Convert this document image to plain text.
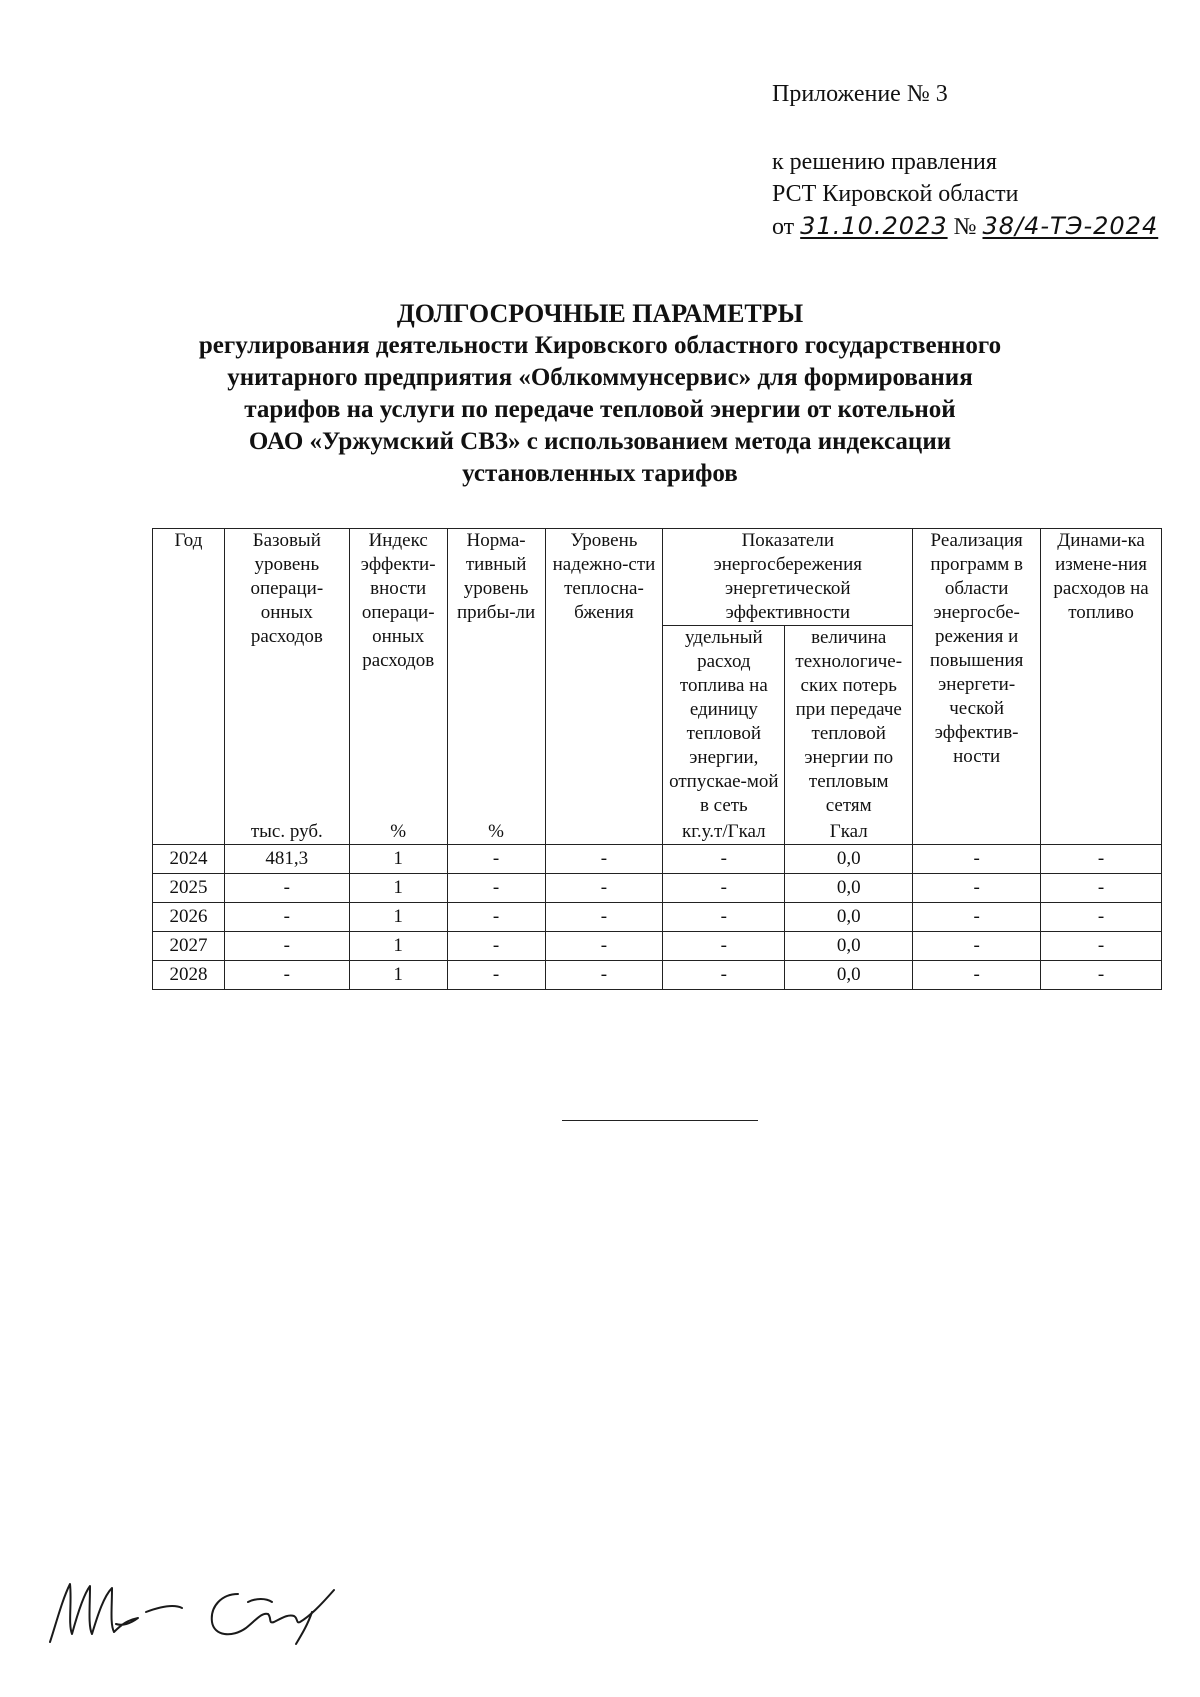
Приложение № 3
к решению правления
РСТ Кировской области
от 31.10.2023 № 38/4-ТЭ-2024
ДОЛГОСРОЧНЫЕ ПАРАМЕТРЫ
регулирования деятельности Кировского областного государственного
унитарного предприятия «Облкоммунсервис» для формирования
тарифов на услуги по передаче тепловой энергии от котельной
ОАО «Уржумский СВЗ» с использованием метода индексации
установленных тарифов
Год	Базовый уровень операци-онных расходов	Индекс эффекти-вности операци-онных расходов	Норма-тивный уровень прибы-ли	Уровень надежно-сти теплосна-бжения	Показатели энергосбережения энергетической эффективности		Реализация программ в области энергосбе-режения и повышения энергети-ческой эффектив-ности	Динами-ка измене-ния расходов на топливо
					удельный расход топлива на единицу тепловой энергии, отпускае-мой в сеть	величина технологиче-ских потерь при передаче тепловой энергии по тепловым сетям		
	тыс. руб.	%	%		кг.у.т/Гкал	Гкал		
2024	481,3	1	-	-	-	0,0	-	-
2025	-	1	-	-	-	0,0	-	-
2026	-	1	-	-	-	0,0	-	-
2027	-	1	-	-	-	0,0	-	-
2028	-	1	-	-	-	0,0	-	-
